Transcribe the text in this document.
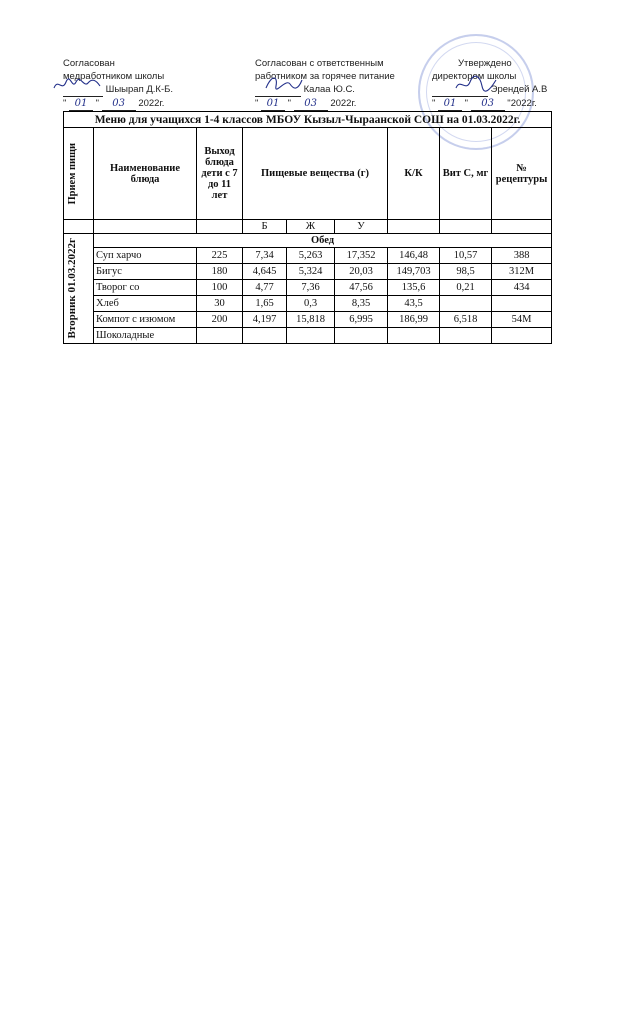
Согласован
медработником школы
Шыырап Д.К-Б.
" 01 " 03 2022г.
Согласован с ответственным
работником за горячее питание
Калаа Ю.С.
" 01 " 03 2022г.
Утверждено
директором школы
Эрендей А.В
" 01 " 03 "2022г.
Меню для учащихся 1-4 классов МБОУ Кызыл-Чыраанской СОШ на 01.03.2022г.								

Прием пищи	Наименование блюда	Выход блюда дети с 7 до 11 лет	Пищевые вещества (г)			К/К	Вит С, мг	№ рецептуры
			Б	Ж	У			

Вторник 01.03.2022г	Обед							
	Суп харчо	225	7,34	5,263	17,352	146,48	10,57	388
	Бигус	180	4,645	5,324	20,03	149,703	98,5	312М
	Творог со	100	4,77	7,36	47,56	135,6	0,21	434
	Хлеб	30	1,65	0,3	8,35	43,5		
	Компот с изюмом	200	4,197	15,818	6,995	186,99	6,518	54М
	Шоколадные							
